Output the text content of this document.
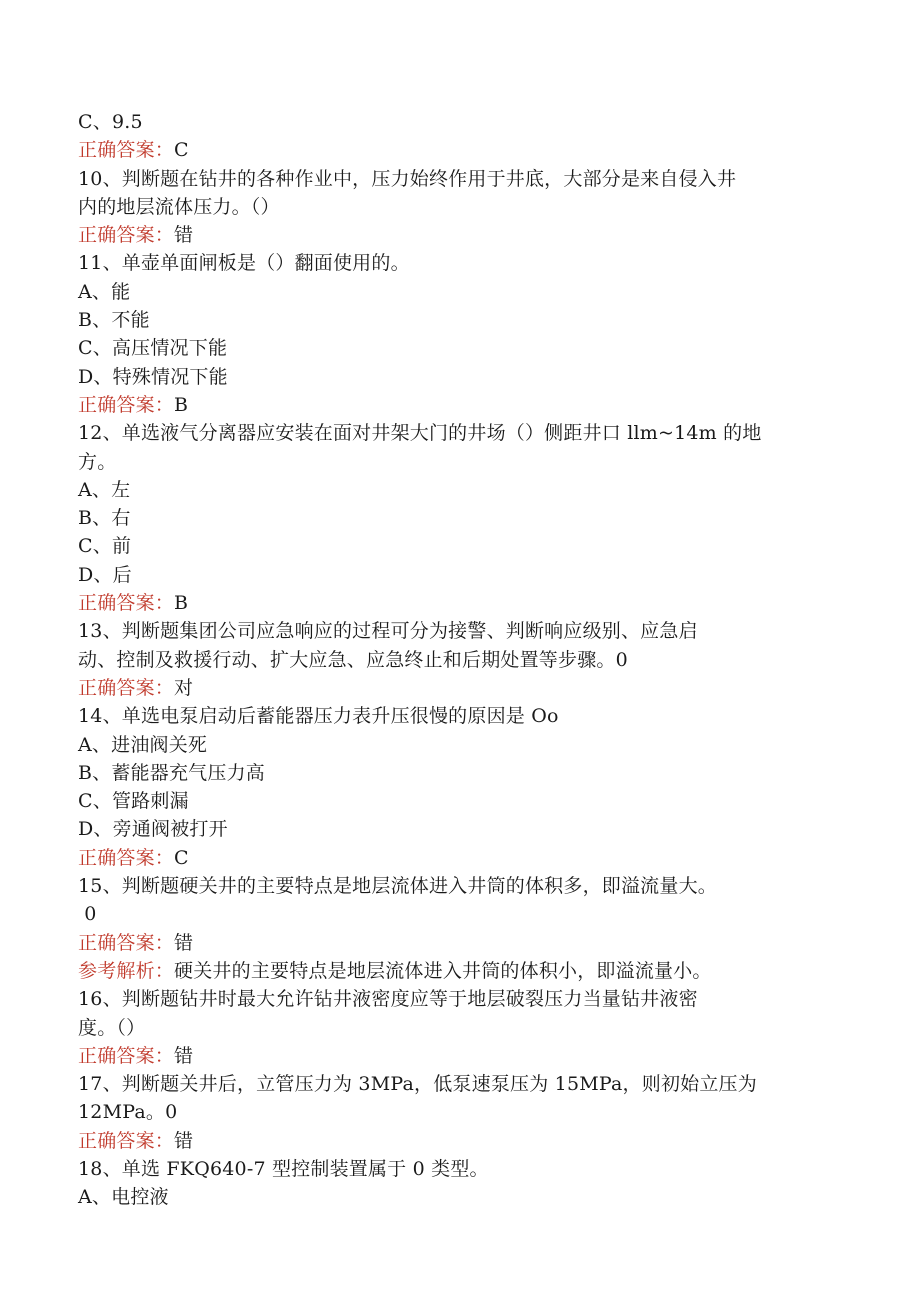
C、9.5
正确答案：C
10、判断题在钻井的各种作业中，压力始终作用于井底，大部分是来自侵入井
内的地层流体压力。（）
正确答案：错
11、单壶单面闸板是（）翻面使用的。
A、能
B、不能
C、高压情况下能
D、特殊情况下能
正确答案：B
12、单选液气分离器应安装在面对井架大门的井场（）侧距井口 llm~14m 的地
方。
A、左
B、右
C、前
D、后
正确答案：B
13、判断题集团公司应急响应的过程可分为接警、判断响应级别、应急启
动、控制及救援行动、扩大应急、应急终止和后期处置等步骤。0
正确答案：对
14、单选电泵启动后蓄能器压力表升压很慢的原因是 Oo
A、进油阀关死
B、蓄能器充气压力高
C、管路刺漏
D、旁通阀被打开
正确答案：C
15、判断题硬关井的主要特点是地层流体进入井筒的体积多，即溢流量大。
0
正确答案：错
参考解析：硬关井的主要特点是地层流体进入井筒的体积小，即溢流量小。
16、判断题钻井时最大允许钻井液密度应等于地层破裂压力当量钻井液密
度。（）
正确答案：错
17、判断题关井后，立管压力为 3MPa，低泵速泵压为 15MPa，则初始立压为
12MPa。0
正确答案：错
18、单选 FKQ640-7 型控制装置属于 0 类型。
A、电控液
